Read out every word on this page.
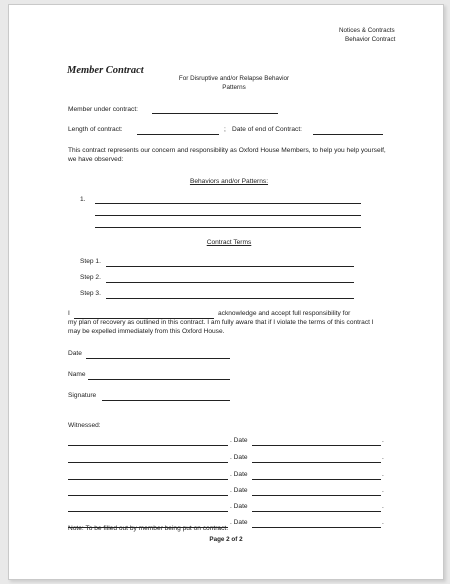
Notices & Contracts
Behavior Contract
Member Contract
For Disruptive and/or Relapse Behavior
Patterns
Member under contract:
Length of contract:	; Date of end of Contract:
This contract represents our concern and responsibility as Oxford House Members, to help you help yourself, we have observed:
Behaviors and/or Patterns:
1.
Contract Terms
Step 1.
Step 2.
Step 3.
I	acknowledge and accept full responsibility for
my plan of recovery as outlined in this contract. I am fully aware that if I violate the terms of this contract I may be expelled immediately from this Oxford House.
Date
Name
Signature
Witnessed:
. Date	.
. Date	.
. Date	.
. Date	.
. Date	.
. Date	.
Note: To be filled out by member being put on contract.
Page 2 of 2
